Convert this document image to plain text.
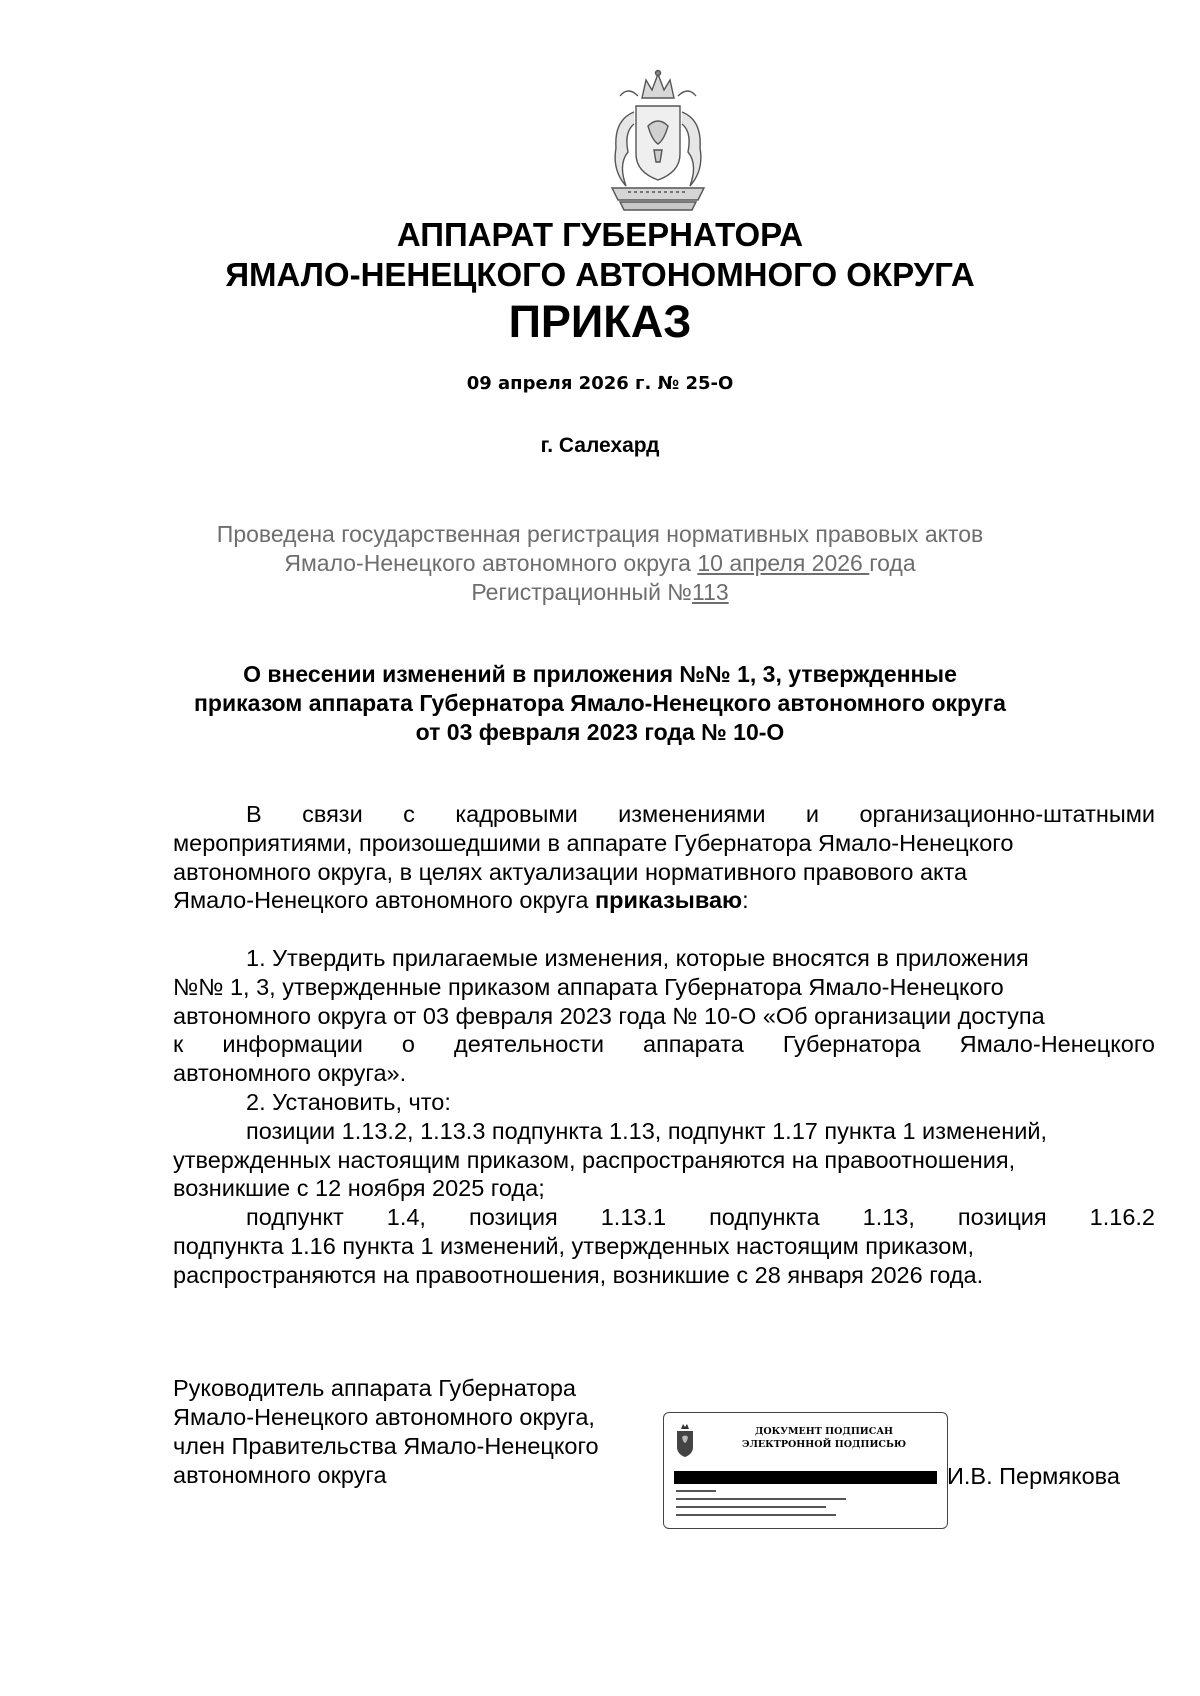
АППАРАТ ГУБЕРНАТОРА
ЯМАЛО-НЕНЕЦКОГО АВТОНОМНОГО ОКРУГА
ПРИКАЗ
09 апреля 2026 г. № 25-О
г. Салехард
Проведена государственная регистрация нормативных правовых актов
Ямало-Ненецкого автономного округа 10 апреля 2026 года
Регистрационный №113
О внесении изменений в приложения №№ 1, 3, утвержденные
приказом аппарата Губернатора Ямало-Ненецкого автономного округа
от 03 февраля 2023 года № 10-О
В связи с кадровыми изменениями и организационно-штатными
мероприятиями, произошедшими в аппарате Губернатора Ямало-Ненецкого
автономного округа, в целях актуализации нормативного правового акта
Ямало-Ненецкого автономного округа приказываю:
1. Утвердить прилагаемые изменения, которые вносятся в приложения
№№ 1, 3, утвержденные приказом аппарата Губернатора Ямало-Ненецкого
автономного округа от 03 февраля 2023 года № 10-О «Об организации доступа
к информации о деятельности аппарата Губернатора Ямало-Ненецкого
автономного округа».
2. Установить, что:
позиции 1.13.2, 1.13.3 подпункта 1.13, подпункт 1.17 пункта 1 изменений,
утвержденных настоящим приказом, распространяются на правоотношения,
возникшие с 12 ноября 2025 года;
подпункт 1.4, позиция 1.13.1 подпункта 1.13, позиция 1.16.2
подпункта 1.16 пункта 1 изменений, утвержденных настоящим приказом,
распространяются на правоотношения, возникшие с 28 января 2026 года.
Руководитель аппарата Губернатора
Ямало-Ненецкого автономного округа,
член Правительства Ямало-Ненецкого
автономного округа
ДОКУМЕНТ ПОДПИСАН
ЭЛЕКТРОННОЙ ПОДПИСЬЮ
И.В. Пермякова
